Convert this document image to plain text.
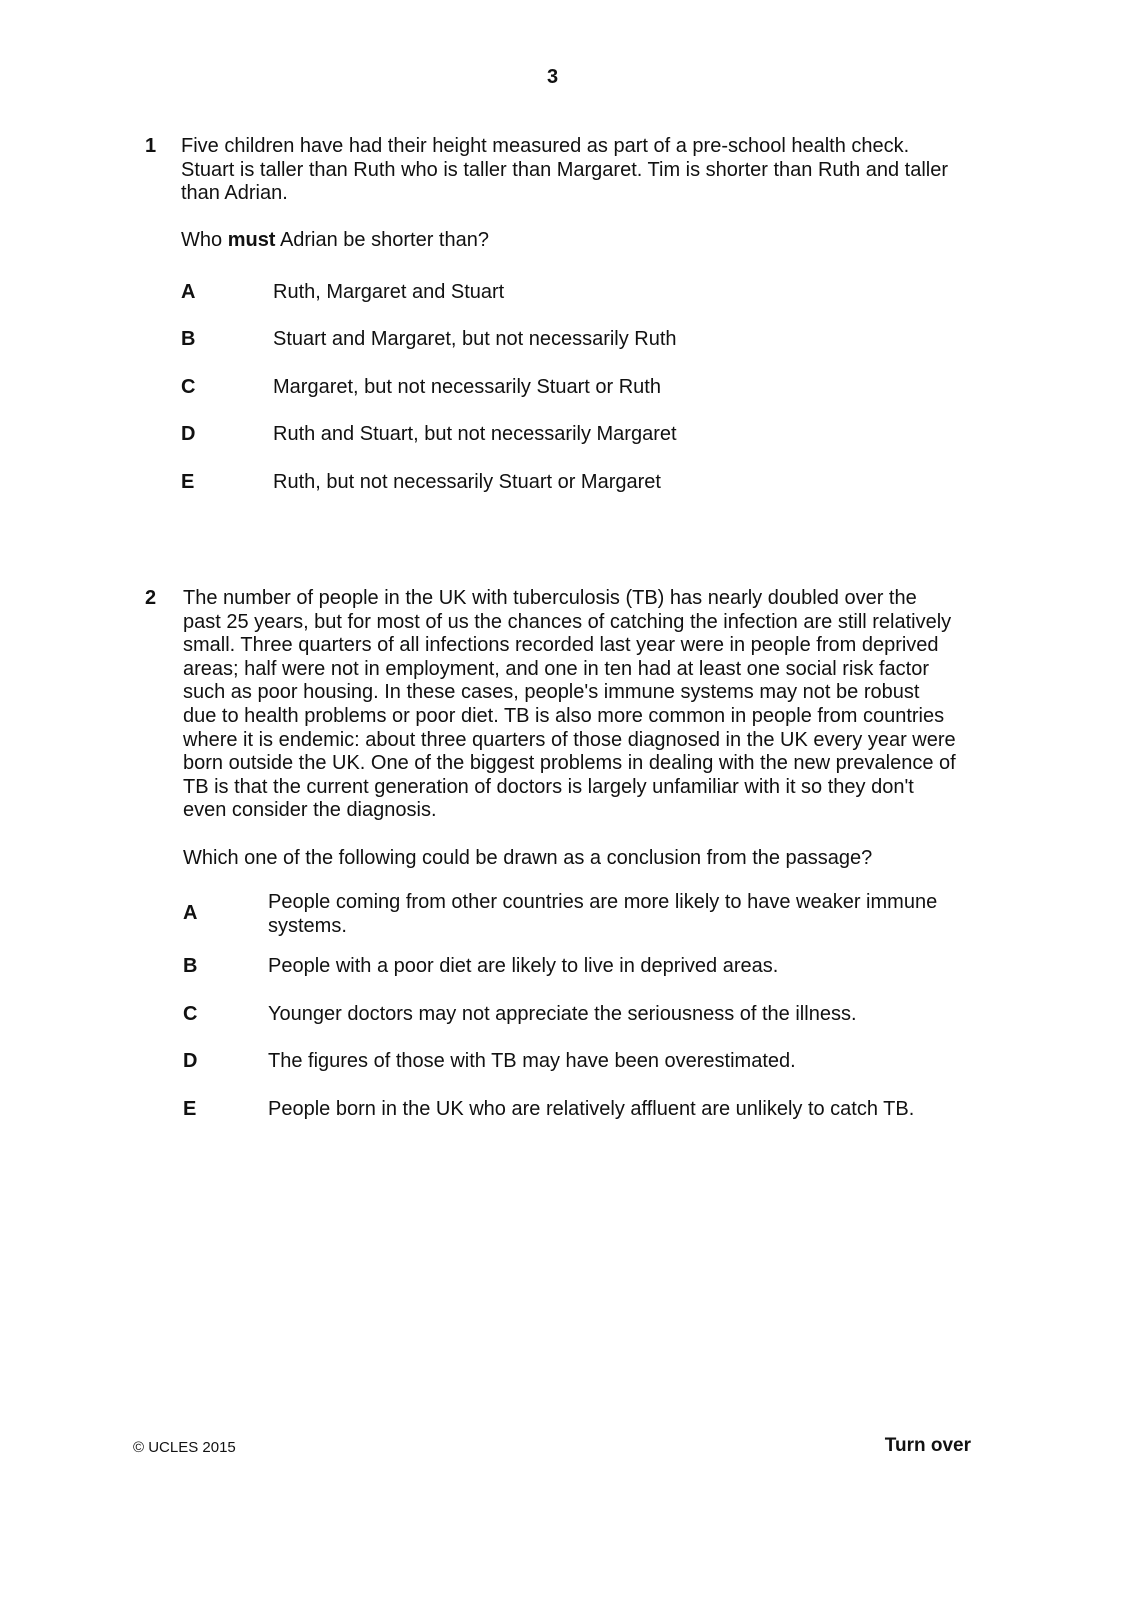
3
1 Five children have had their height measured as part of a pre-school health check.
Stuart is taller than Ruth who is taller than Margaret. Tim is shorter than Ruth and taller
than Adrian.
Who must Adrian be shorter than?
A	Ruth, Margaret and Stuart
B	Stuart and Margaret, but not necessarily Ruth
C	Margaret, but not necessarily Stuart or Ruth
D	Ruth and Stuart, but not necessarily Margaret
E	Ruth, but not necessarily Stuart or Margaret
2 The number of people in the UK with tuberculosis (TB) has nearly doubled over the
past 25 years, but for most of us the chances of catching the infection are still relatively
small. Three quarters of all infections recorded last year were in people from deprived
areas; half were not in employment, and one in ten had at least one social risk factor
such as poor housing. In these cases, people's immune systems may not be robust
due to health problems or poor diet. TB is also more common in people from countries
where it is endemic: about three quarters of those diagnosed in the UK every year were
born outside the UK. One of the biggest problems in dealing with the new prevalence of
TB is that the current generation of doctors is largely unfamiliar with it so they don't
even consider the diagnosis.
Which one of the following could be drawn as a conclusion from the passage?
A	People coming from other countries are more likely to have weaker immune
systems.
B	People with a poor diet are likely to live in deprived areas.
C	Younger doctors may not appreciate the seriousness of the illness.
D	The figures of those with TB may have been overestimated.
E	People born in the UK who are relatively affluent are unlikely to catch TB.
© UCLES 2015	Turn over
